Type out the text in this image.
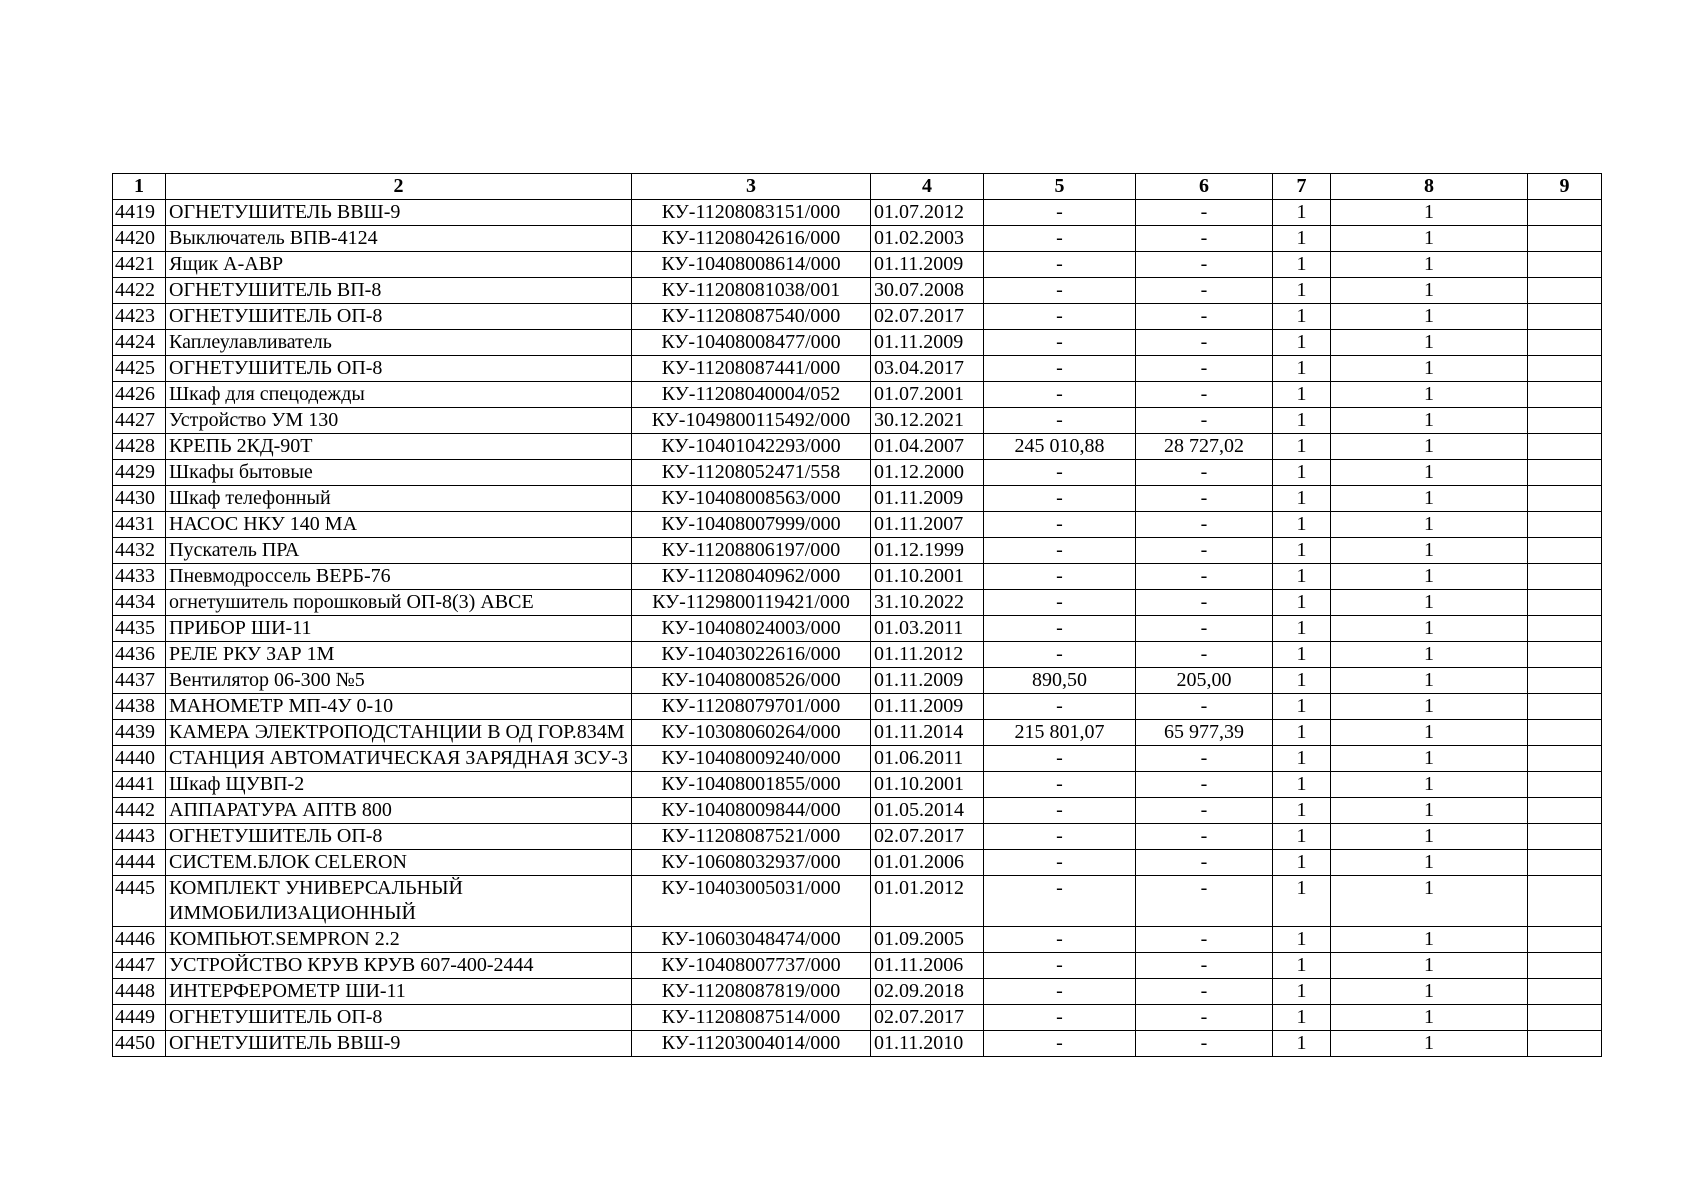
1	2	3	4	5	6	7	8	9
4419	ОГНЕТУШИТЕЛЬ ВВШ-9	КУ-11208083151/000	01.07.2012	-	-	1	1	
4420	Выключатель ВПВ-4124	КУ-11208042616/000	01.02.2003	-	-	1	1	
4421	Ящик А-АВР	КУ-10408008614/000	01.11.2009	-	-	1	1	
4422	ОГНЕТУШИТЕЛЬ ВП-8	КУ-11208081038/001	30.07.2008	-	-	1	1	
4423	ОГНЕТУШИТЕЛЬ ОП-8	КУ-11208087540/000	02.07.2017	-	-	1	1	
4424	Каплеулавливатель	КУ-10408008477/000	01.11.2009	-	-	1	1	
4425	ОГНЕТУШИТЕЛЬ ОП-8	КУ-11208087441/000	03.04.2017	-	-	1	1	
4426	Шкаф для спецодежды	КУ-11208040004/052	01.07.2001	-	-	1	1	
4427	Устройство УМ 130	КУ-1049800115492/000	30.12.2021	-	-	1	1	
4428	КРЕПЬ 2КД-90Т	КУ-10401042293/000	01.04.2007	245 010,88	28 727,02	1	1	
4429	Шкафы бытовые	КУ-11208052471/558	01.12.2000	-	-	1	1	
4430	Шкаф телефонный	КУ-10408008563/000	01.11.2009	-	-	1	1	
4431	НАСОС НКУ 140 МА	КУ-10408007999/000	01.11.2007	-	-	1	1	
4432	Пускатель ПРА	КУ-11208806197/000	01.12.1999	-	-	1	1	
4433	Пневмодроссель ВЕРБ-76	КУ-11208040962/000	01.10.2001	-	-	1	1	
4434	огнетушитель порошковый ОП-8(3) АВСЕ	КУ-1129800119421/000	31.10.2022	-	-	1	1	
4435	ПРИБОР ШИ-11	КУ-10408024003/000	01.03.2011	-	-	1	1	
4436	РЕЛЕ РКУ ЗАР 1М	КУ-10403022616/000	01.11.2012	-	-	1	1	
4437	Вентилятор 06-300 №5	КУ-10408008526/000	01.11.2009	890,50	205,00	1	1	
4438	МАНОМЕТР МП-4У 0-10	КУ-11208079701/000	01.11.2009	-	-	1	1	
4439	КАМЕРА ЭЛЕКТРОПОДСТАНЦИИ В ОД ГОР.834М	КУ-10308060264/000	01.11.2014	215 801,07	65 977,39	1	1	
4440	СТАНЦИЯ АВТОМАТИЧЕСКАЯ ЗАРЯДНАЯ ЗСУ-3	КУ-10408009240/000	01.06.2011	-	-	1	1	
4441	Шкаф ЩУВП-2	КУ-10408001855/000	01.10.2001	-	-	1	1	
4442	АППАРАТУРА АПТВ 800	КУ-10408009844/000	01.05.2014	-	-	1	1	
4443	ОГНЕТУШИТЕЛЬ ОП-8	КУ-11208087521/000	02.07.2017	-	-	1	1	
4444	СИСТЕМ.БЛОК CELERON	КУ-10608032937/000	01.01.2006	-	-	1	1	
4445	КОМПЛЕКТ УНИВЕРСАЛЬНЫЙ ИММОБИЛИЗАЦИОННЫЙ	КУ-10403005031/000	01.01.2012	-	-	1	1	
4446	КОМПЬЮТ.SEMPRON 2.2	КУ-10603048474/000	01.09.2005	-	-	1	1	
4447	УСТРОЙСТВО КРУВ КРУВ 607-400-2444	КУ-10408007737/000	01.11.2006	-	-	1	1	
4448	ИНТЕРФЕРОМЕТР ШИ-11	КУ-11208087819/000	02.09.2018	-	-	1	1	
4449	ОГНЕТУШИТЕЛЬ ОП-8	КУ-11208087514/000	02.07.2017	-	-	1	1	
4450	ОГНЕТУШИТЕЛЬ ВВШ-9	КУ-11203004014/000	01.11.2010	-	-	1	1	
